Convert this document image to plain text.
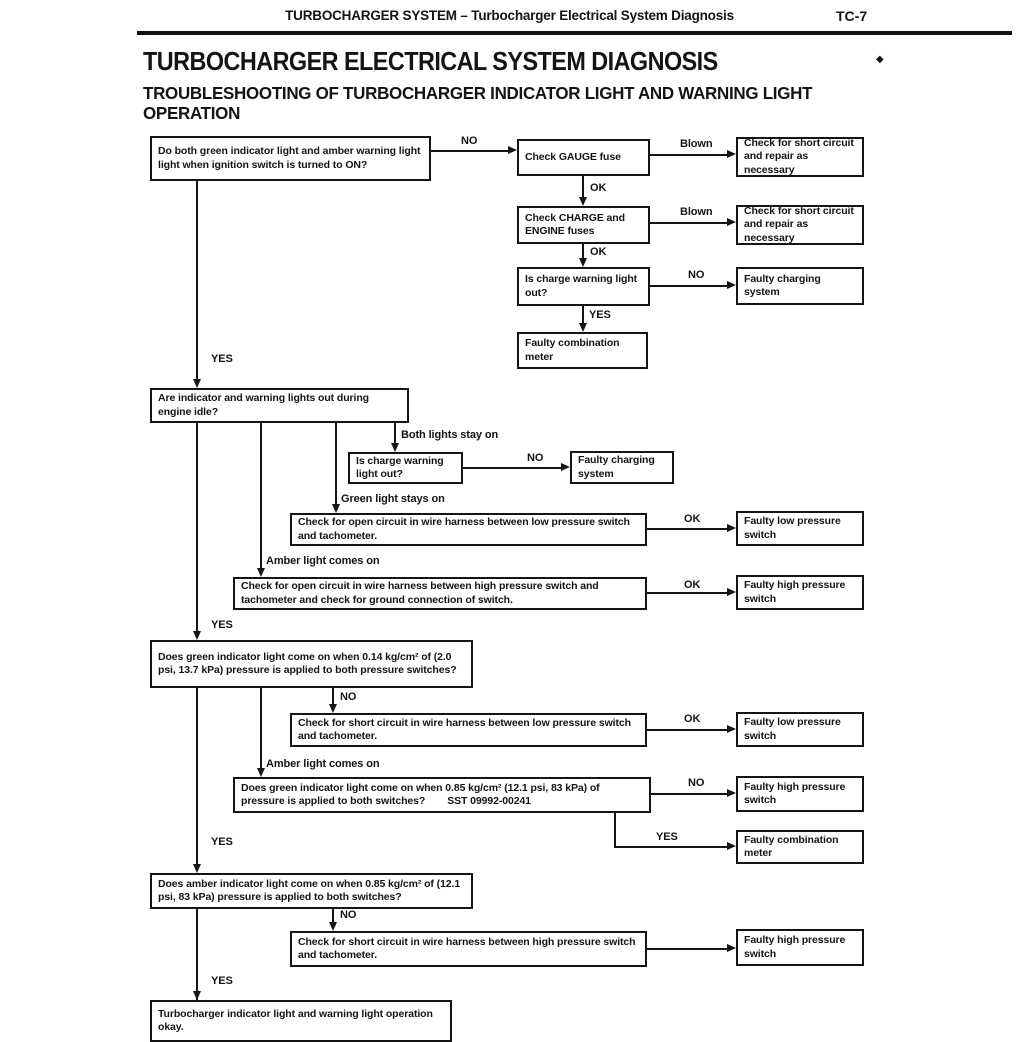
TURBOCHARGER SYSTEM – Turbocharger Electrical System Diagnosis	TC-7
TURBOCHARGER ELECTRICAL SYSTEM DIAGNOSIS	◆
TROUBLESHOOTING OF TURBOCHARGER INDICATOR LIGHT AND WARNING LIGHT OPERATION
Do both green indicator light and amber warning light light when ignition switch is turned to ON?
Check GAUGE fuse
Check for short circuit and repair as necessary
Check CHARGE and ENGINE fuses
Check for short circuit and repair as necessary
Is charge warning light out?
Faulty charging system
Faulty combination meter
Are indicator and warning lights out during engine idle?
Is charge warning light out?
Faulty charging system
Check for open circuit in wire harness between low pressure switch and tachometer.
Faulty low pressure switch
Check for open circuit in wire harness between high pressure switch and tachometer and check for ground connection of switch.
Faulty high pressure switch
Does green indicator light come on when 0.14 kg/cm² of (2.0 psi, 13.7 kPa) pressure is applied to both pressure switches?
Check for short circuit in wire harness between low pressure switch and tachometer.
Faulty low pressure switch
Does green indicator light come on when 0.85 kg/cm² (12.1 psi, 83 kPa) of pressure is applied to both switches? SST 09992-00241
Faulty high pressure switch
Faulty combination meter
Does amber indicator light come on when 0.85 kg/cm² of (12.1 psi, 83 kPa) pressure is applied to both switches?
Check for short circuit in wire harness between high pressure switch and tachometer.
Faulty high pressure switch
Turbocharger indicator light and warning light operation okay.
NO	Blown
OK
Blown
OK
NO
YES
YES
Both lights stay on
NO
Green light stays on
OK
Amber light comes on
OK
YES
NO
OK
Amber light comes on
NO
YES
YES
NO
YES
